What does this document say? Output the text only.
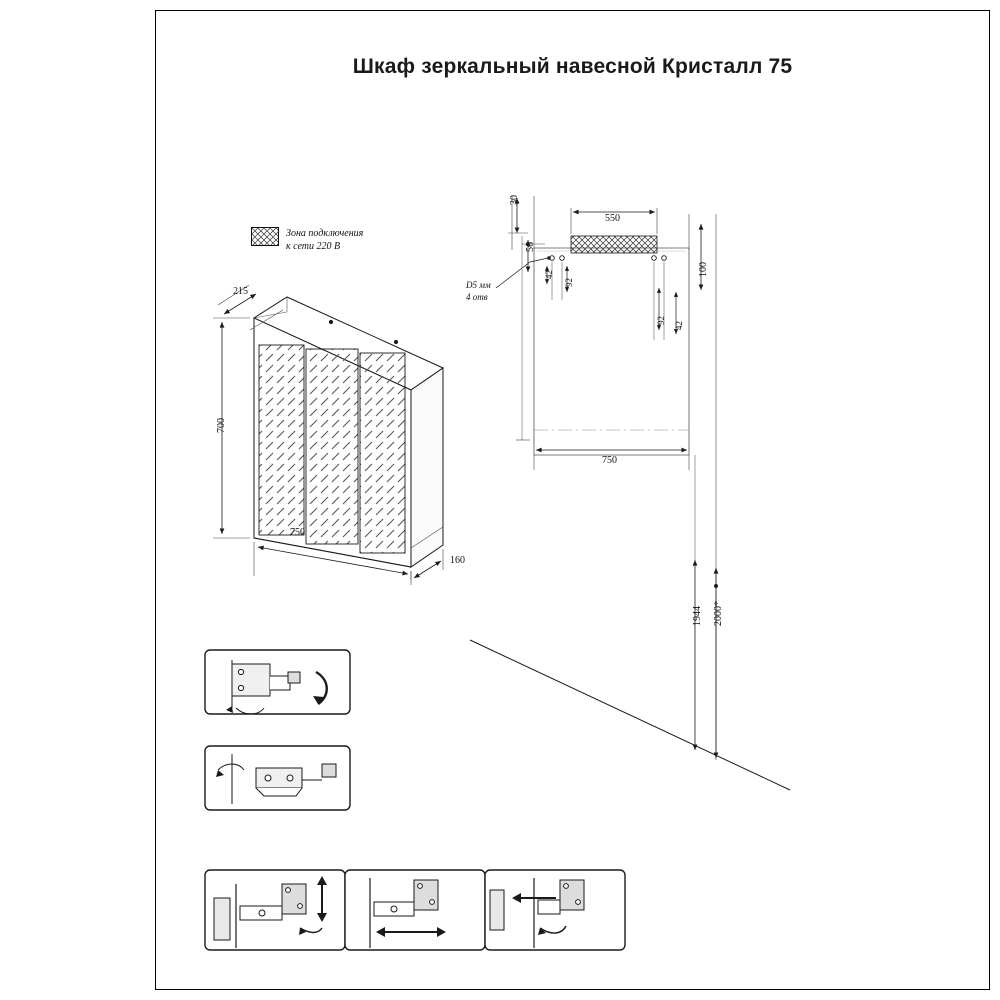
Шкаф зеркальный навесной Кристалл 75
Зона подключения
к сети 220 В
215
700
750
160
30
550
56
42
92
92
42
100
750
1944 2000*
D5 мм
4 отв
